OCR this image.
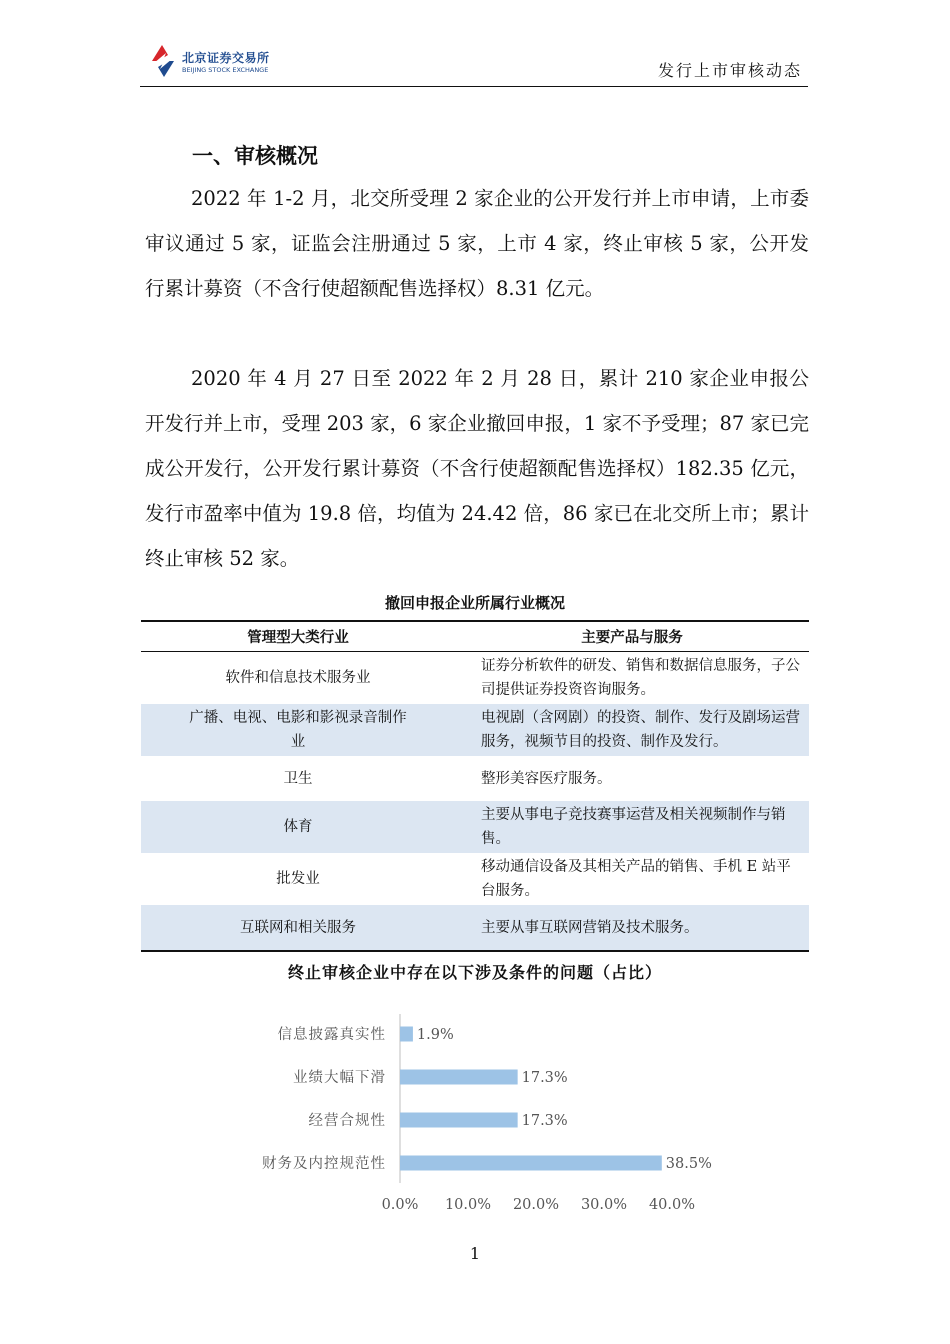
北京证券交易所
BEIJING STOCK EXCHANGE	发行上市审核动态
一、审核概况

2022 年 1-2 月，北交所受理 2 家企业的公开发行并上市申请，上市委审议通过 5 家，证监会注册通过 5 家，上市 4 家，终止审核 5 家，公开发行累计募资（不含行使超额配售选择权）8.31 亿元。

2020 年 4 月 27 日至 2022 年 2 月 28 日，累计 210 家企业申报公开发行并上市，受理 203 家，6 家企业撤回申报，1 家不予受理；87 家已完成公开发行，公开发行累计募资（不含行使超额配售选择权）182.35 亿元，发行市盈率中值为 19.8 倍，均值为 24.42 倍，86 家已在北交所上市；累计终止审核 52 家。

撤回申报企业所属行业概况
管理型大类行业	主要产品与服务
软件和信息技术服务业	证券分析软件的研发、销售和数据信息服务，子公司提供证券投资咨询服务。
广播、电视、电影和影视录音制作业	电视剧（含网剧）的投资、制作、发行及剧场运营服务，视频节目的投资、制作及发行。
卫生	整形美容医疗服务。
体育	主要从事电子竞技赛事运营及相关视频制作与销售。
批发业	移动通信设备及其相关产品的销售、手机 E 站平台服务。
互联网和相关服务	主要从事互联网营销及技术服务。
终止审核企业中存在以下涉及条件的问题（占比）
信息披露真实性 1.9%
业绩大幅下滑	17.3%
经营合规性	17.3%
财务及内控规范性	38.5%
0.0% 10.0% 20.0% 30.0% 40.0%
1
